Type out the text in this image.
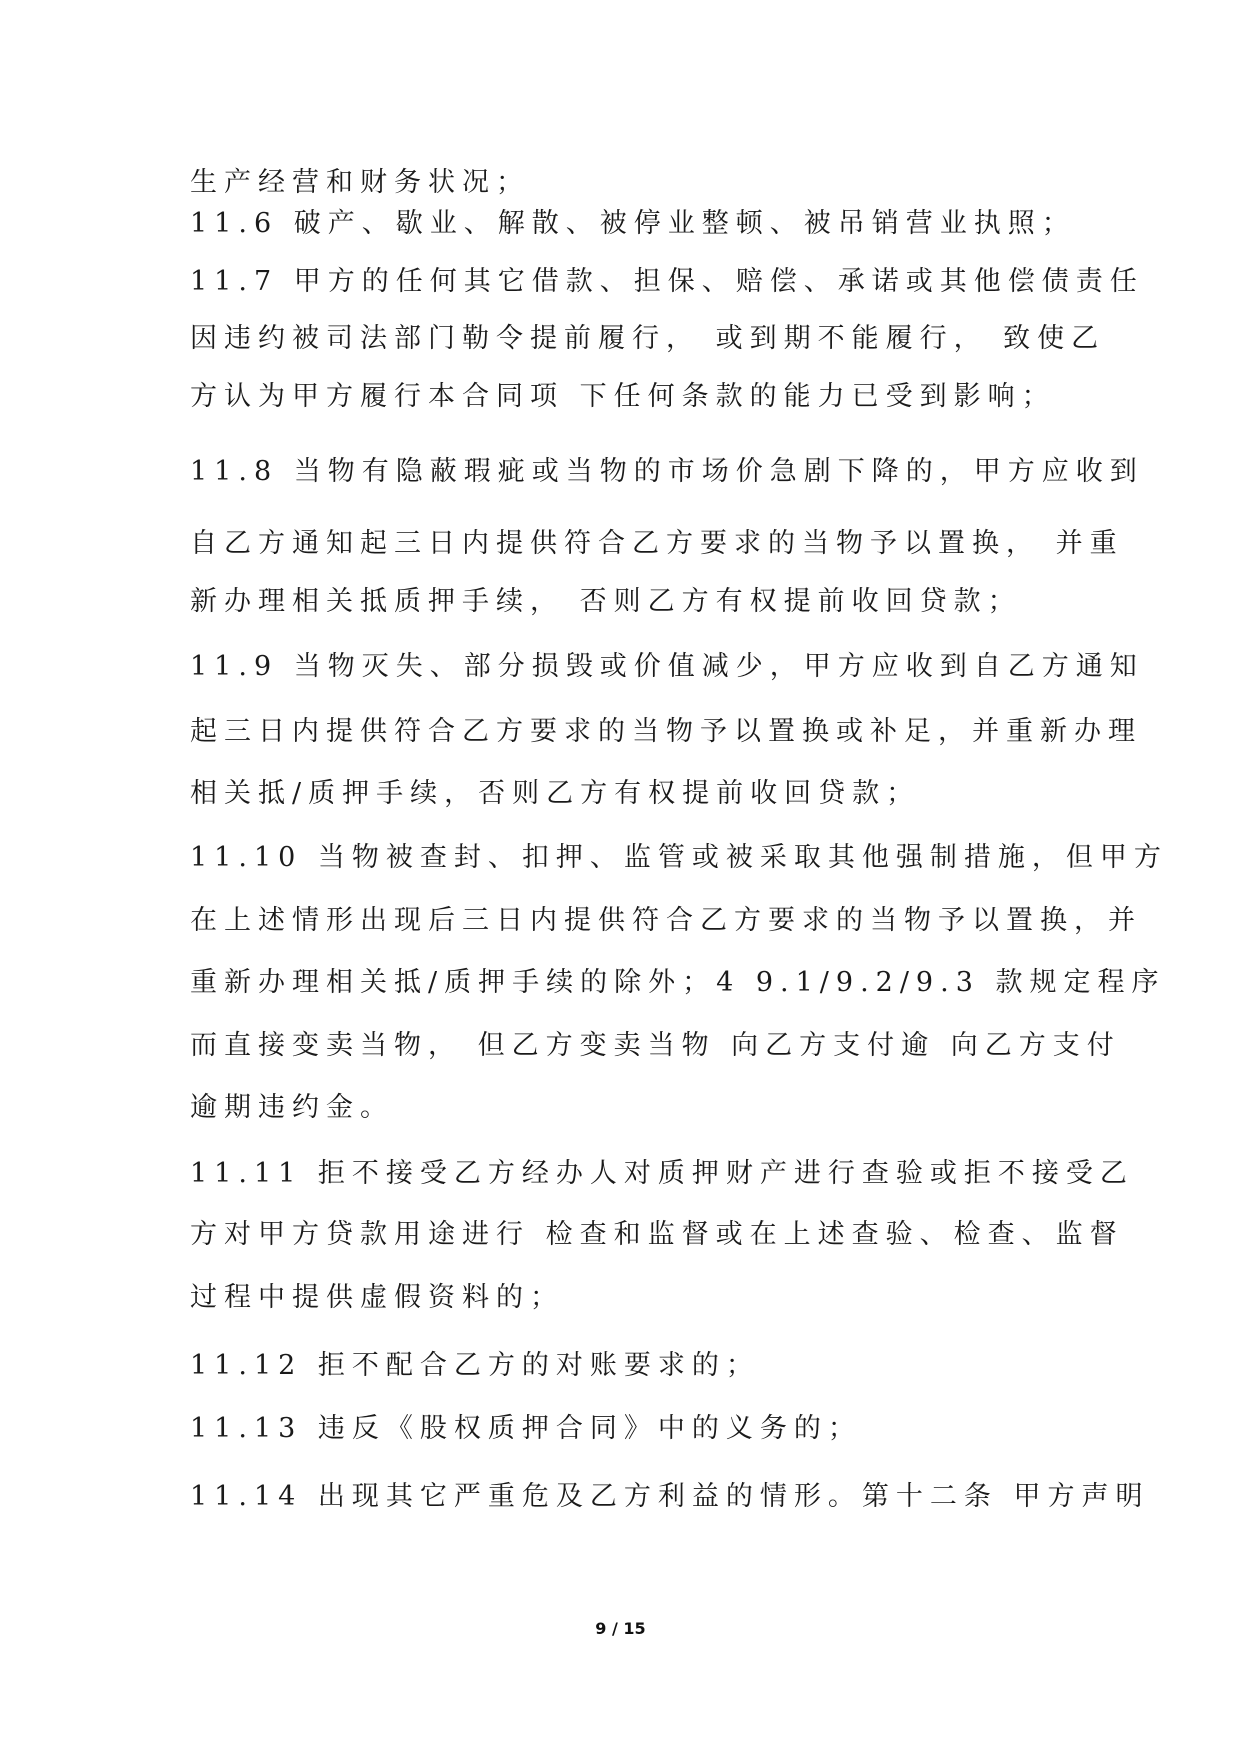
生产经营和财务状况；
11.6 破产、歇业、解散、被停业整顿、被吊销营业执照；
11.7 甲方的任何其它借款、担保、赔偿、承诺或其他偿债责任
因违约被司法部门勒令提前履行， 或到期不能履行， 致使乙
方认为甲方履行本合同项 下任何条款的能力已受到影响；
11.8 当物有隐蔽瑕疵或当物的市场价急剧下降的，甲方应收到
自乙方通知起三日内提供符合乙方要求的当物予以置换， 并重
新办理相关抵质押手续， 否则乙方有权提前收回贷款；
11.9 当物灭失、部分损毁或价值减少，甲方应收到自乙方通知
起三日内提供符合乙方要求的当物予以置换或补足，并重新办理
相关抵/质押手续，否则乙方有权提前收回贷款；
11.10 当物被查封、扣押、监管或被采取其他强制措施，但甲方
在上述情形出现后三日内提供符合乙方要求的当物予以置换，并
重新办理相关抵/质押手续的除外；4 9.1/9.2/9.3 款规定程序
而直接变卖当物， 但乙方变卖当物 向乙方支付逾 向乙方支付
逾期违约金。
11.11 拒不接受乙方经办人对质押财产进行查验或拒不接受乙
方对甲方贷款用途进行 检查和监督或在上述查验、检查、监督
过程中提供虚假资料的；
11.12 拒不配合乙方的对账要求的；
11.13 违反《股权质押合同》中的义务的；
11.14 出现其它严重危及乙方利益的情形。第十二条 甲方声明
9 / 15
